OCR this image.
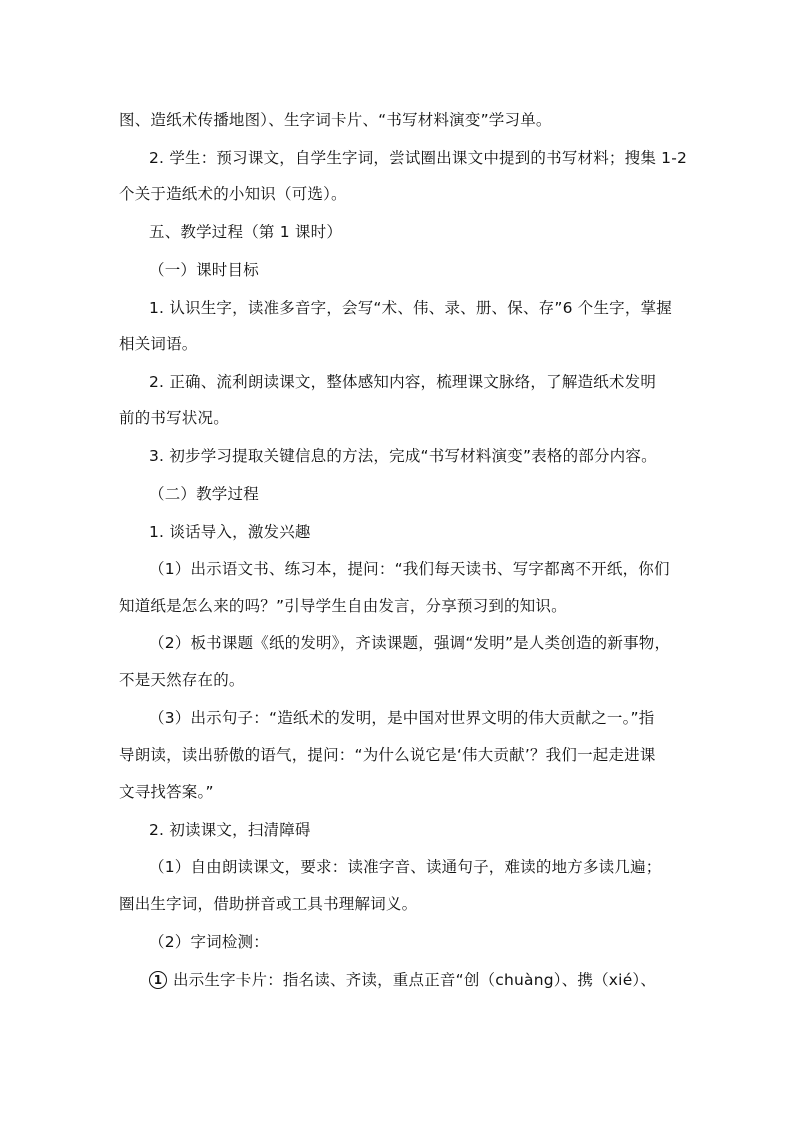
图、造纸术传播地图）、生字词卡片、“书写材料演变”学习单。
2. 学生：预习课文，自学生字词，尝试圈出课文中提到的书写材料；搜集 1-2
个关于造纸术的小知识（可选）。
五、教学过程（第 1 课时）
（一）课时目标
1. 认识生字，读准多音字，会写“术、伟、录、册、保、存”6 个生字，掌握
相关词语。
2. 正确、流利朗读课文，整体感知内容，梳理课文脉络，了解造纸术发明
前的书写状况。
3. 初步学习提取关键信息的方法，完成“书写材料演变”表格的部分内容。
（二）教学过程
1. 谈话导入，激发兴趣
（1）出示语文书、练习本，提问：“我们每天读书、写字都离不开纸，你们
知道纸是怎么来的吗？”引导学生自由发言，分享预习到的知识。
（2）板书课题《纸的发明》，齐读课题，强调“发明”是人类创造的新事物，
不是天然存在的。
（3）出示句子：“造纸术的发明，是中国对世界文明的伟大贡献之一。”指
导朗读，读出骄傲的语气，提问：“为什么说它是‘伟大贡献’？我们一起走进课
文寻找答案。”
2. 初读课文，扫清障碍
（1）自由朗读课文，要求：读准字音、读通句子，难读的地方多读几遍；
圈出生字词，借助拼音或工具书理解词义。
（2）字词检测：
1 出示生字卡片：指名读、齐读，重点正音“创（chuàng）、携（xié）、
